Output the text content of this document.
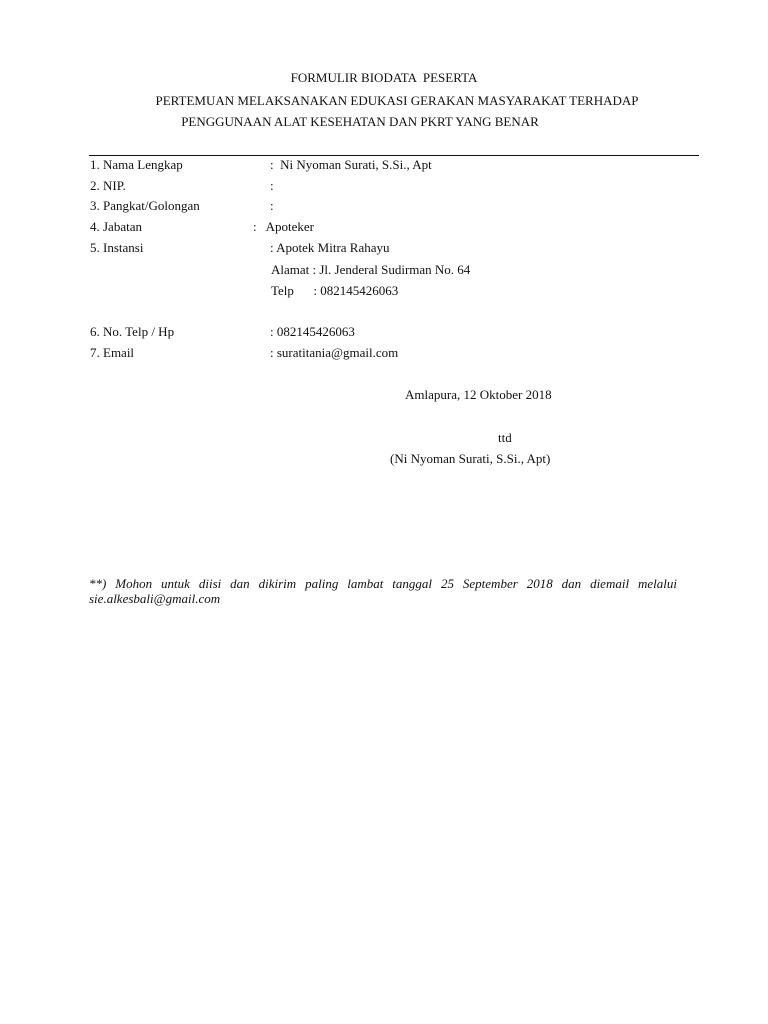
FORMULIR BIODATA  PESERTA
PERTEMUAN MELAKSANAKAN EDUKASI GERAKAN MASYARAKAT TERHADAP
PENGGUNAAN ALAT KESEHATAN DAN PKRT YANG BENAR
1. Nama Lengkap	:  Ni Nyoman Surati, S.Si., Apt
2. NIP.	:
3. Pangkat/Golongan	:
4. Jabatan	:   Apoteker
5. Instansi	: Apotek Mitra Rahayu
Alamat : Jl. Jenderal Sudirman No. 64
Telp      : 082145426063
6. No. Telp / Hp	: 082145426063
7. Email	: suratitania@gmail.com
Amlapura, 12 Oktober 2018
ttd
(Ni Nyoman Surati, S.Si., Apt)
**) Mohon untuk diisi dan dikirim paling lambat tanggal 25 September 2018 dan diemail melalui sie.alkesbali@gmail.com
